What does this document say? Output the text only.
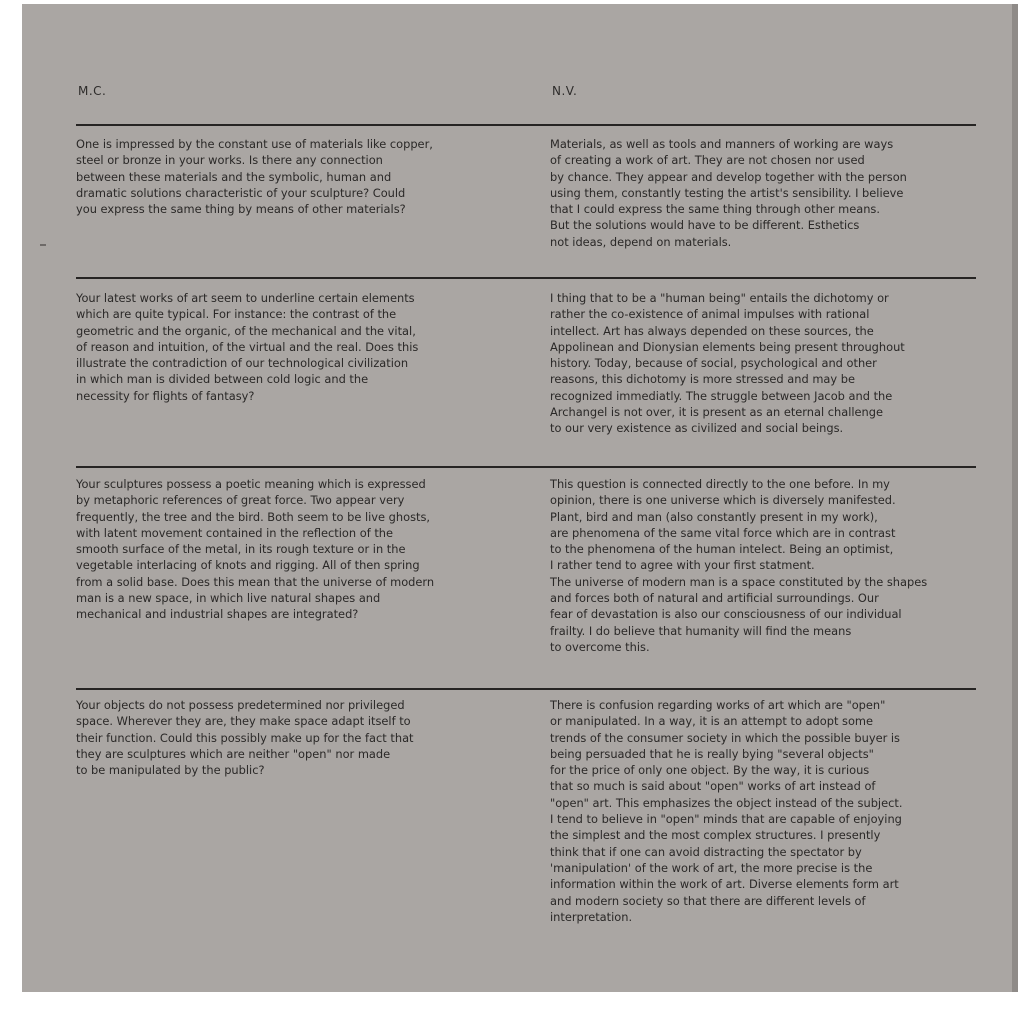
M.C.	N.V.
One is impressed by the constant use of materials like copper,
steel or bronze in your works. Is there any connection
between these materials and the symbolic, human and
dramatic solutions characteristic of your sculpture? Could
you express the same thing by means of other materials?
Materials, as well as tools and manners of working are ways
of creating a work of art. They are not chosen nor used
by chance. They appear and develop together with the person
using them, constantly testing the artist's sensibility. I believe
that I could express the same thing through other means.
But the solutions would have to be different. Esthetics
not ideas, depend on materials.
Your latest works of art seem to underline certain elements
which are quite typical. For instance: the contrast of the
geometric and the organic, of the mechanical and the vital,
of reason and intuition, of the virtual and the real. Does this
illustrate the contradiction of our technological civilization
in which man is divided between cold logic and the
necessity for flights of fantasy?
I thing that to be a "human being" entails the dichotomy or
rather the co-existence of animal impulses with rational
intellect. Art has always depended on these sources, the
Appolinean and Dionysian elements being present throughout
history. Today, because of social, psychological and other
reasons, this dichotomy is more stressed and may be
recognized immediatly. The struggle between Jacob and the
Archangel is not over, it is present as an eternal challenge
to our very existence as civilized and social beings.
Your sculptures possess a poetic meaning which is expressed
by metaphoric references of great force. Two appear very
frequently, the tree and the bird. Both seem to be live ghosts,
with latent movement contained in the reflection of the
smooth surface of the metal, in its rough texture or in the
vegetable interlacing of knots and rigging. All of then spring
from a solid base. Does this mean that the universe of modern
man is a new space, in which live natural shapes and
mechanical and industrial shapes are integrated?
This question is connected directly to the one before. In my
opinion, there is one universe which is diversely manifested.
Plant, bird and man (also constantly present in my work),
are phenomena of the same vital force which are in contrast
to the phenomena of the human intelect. Being an optimist,
I rather tend to agree with your first statment.
The universe of modern man is a space constituted by the shapes
and forces both of natural and artificial surroundings. Our
fear of devastation is also our consciousness of our individual
frailty. I do believe that humanity will find the means
to overcome this.
Your objects do not possess predetermined nor privileged
space. Wherever they are, they make space adapt itself to
their function. Could this possibly make up for the fact that
they are sculptures which are neither "open" nor made
to be manipulated by the public?
There is confusion regarding works of art which are "open"
or manipulated. In a way, it is an attempt to adopt some
trends of the consumer society in which the possible buyer is
being persuaded that he is really bying "several objects"
for the price of only one object. By the way, it is curious
that so much is said about "open" works of art instead of
"open" art. This emphasizes the object instead of the subject.
I tend to believe in "open" minds that are capable of enjoying
the simplest and the most complex structures. I presently
think that if one can avoid distracting the spectator by
'manipulation' of the work of art, the more precise is the
information within the work of art. Diverse elements form art
and modern society so that there are different levels of
interpretation.
